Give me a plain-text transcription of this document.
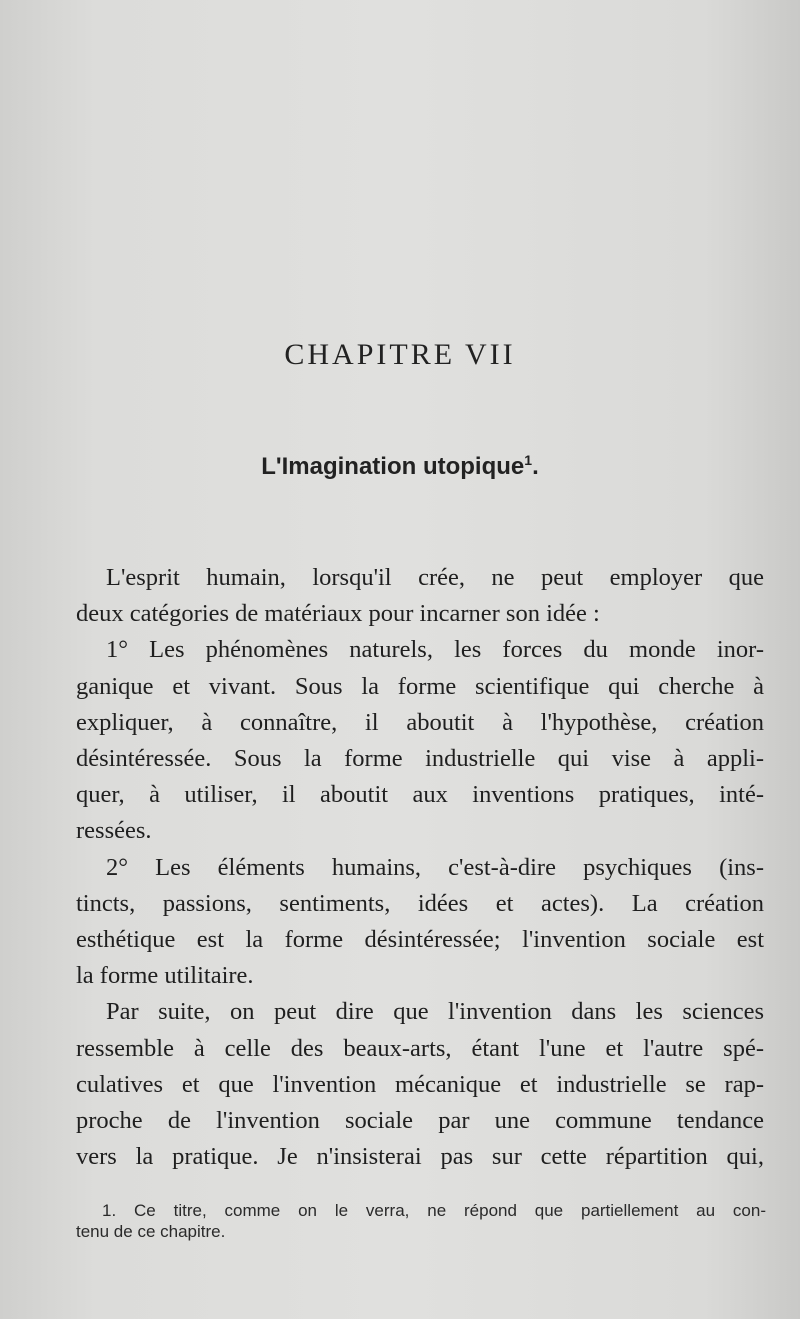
CHAPITRE VII
L'Imagination utopique$^1$.
L'esprit humain, lorsqu'il crée, ne peut employer que
deux catégories de matériaux pour incarner son idée :
1° Les phénomènes naturels, les forces du monde inor-
ganique et vivant. Sous la forme scientifique qui cherche à
expliquer, à connaître, il aboutit à l'hypothèse, création
désintéressée. Sous la forme industrielle qui vise à appli-
quer, à utiliser, il aboutit aux inventions pratiques, inté-
ressées.
2° Les éléments humains, c'est-à-dire psychiques (ins-
tincts, passions, sentiments, idées et actes). La création
esthétique est la forme désintéressée; l'invention sociale est
la forme utilitaire.
Par suite, on peut dire que l'invention dans les sciences
ressemble à celle des beaux-arts, étant l'une et l'autre spé-
culatives et que l'invention mécanique et industrielle se rap-
proche de l'invention sociale par une commune tendance
vers la pratique. Je n'insisterai pas sur cette répartition qui,
1. Ce titre, comme on le verra, ne répond que partiellement au con-
tenu de ce chapitre.
